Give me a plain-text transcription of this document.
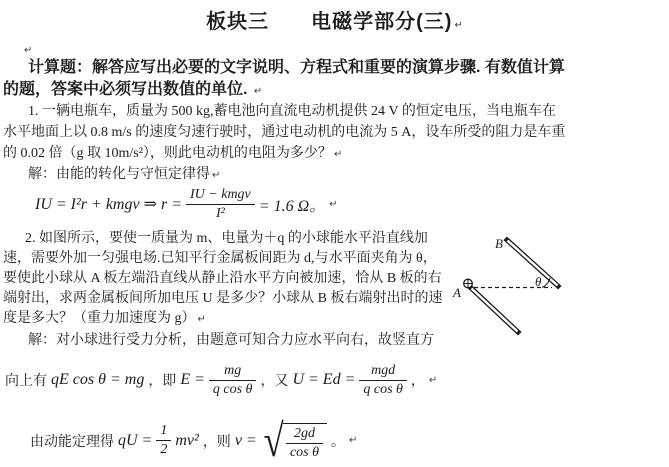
板块三　　电磁学部分(三) ↵
↵
计算题：解答应写出必要的文字说明、方程式和重要的演算步骤. 有数值计算
的题，答案中必须写出数值的单位. ↵
1. 一辆电瓶车，质量为 500 kg,蓄电池向直流电动机提供 24 V 的恒定电压，当电瓶车在
水平地面上以 0.8 m/s 的速度匀速行驶时，通过电动机的电流为 5 A，设车所受的阻力是车重
的 0.02 倍（g 取 10m/s²），则此电动机的电阻为多少？ ↵
解：由能的转化与守恒定律得 ↵
IU = I²r + kmgv ⇒ $r = \frac{\text{IU − kmgv}}{\text{I²}} = 1.6$ Ω。 ↵
2. 如图所示，要使一质量为 m、电量为＋q 的小球能水平沿直线加
速，需要外加一匀强电场.已知平行金属板间距为 d,与水平面夹角为 θ，
要使此小球从 A 板左端沿直线从静止沿水平方向被加速，恰从 B 板的右
端射出，求两金属板间所加电压 U 是多少？小球从 B 板右端射出时的速
度是多大？（重力加速度为 g） ↵
解：对小球进行受力分析，由题意可知合力应水平向右，故竖直方
B
A
θ
向上有 qE cos θ = mg ，即 $E = \frac{mg}{\text{q cos θ}}$ ，又 $U = Ed = \frac{\text{mgd}}{\text{q cos θ}}$ ， ↵
由动能定理得 qU = $\frac{1}{2} mv^2$ ，则 v = √ $\frac{2gd}{\text{cos θ}}$ 。 ↵
